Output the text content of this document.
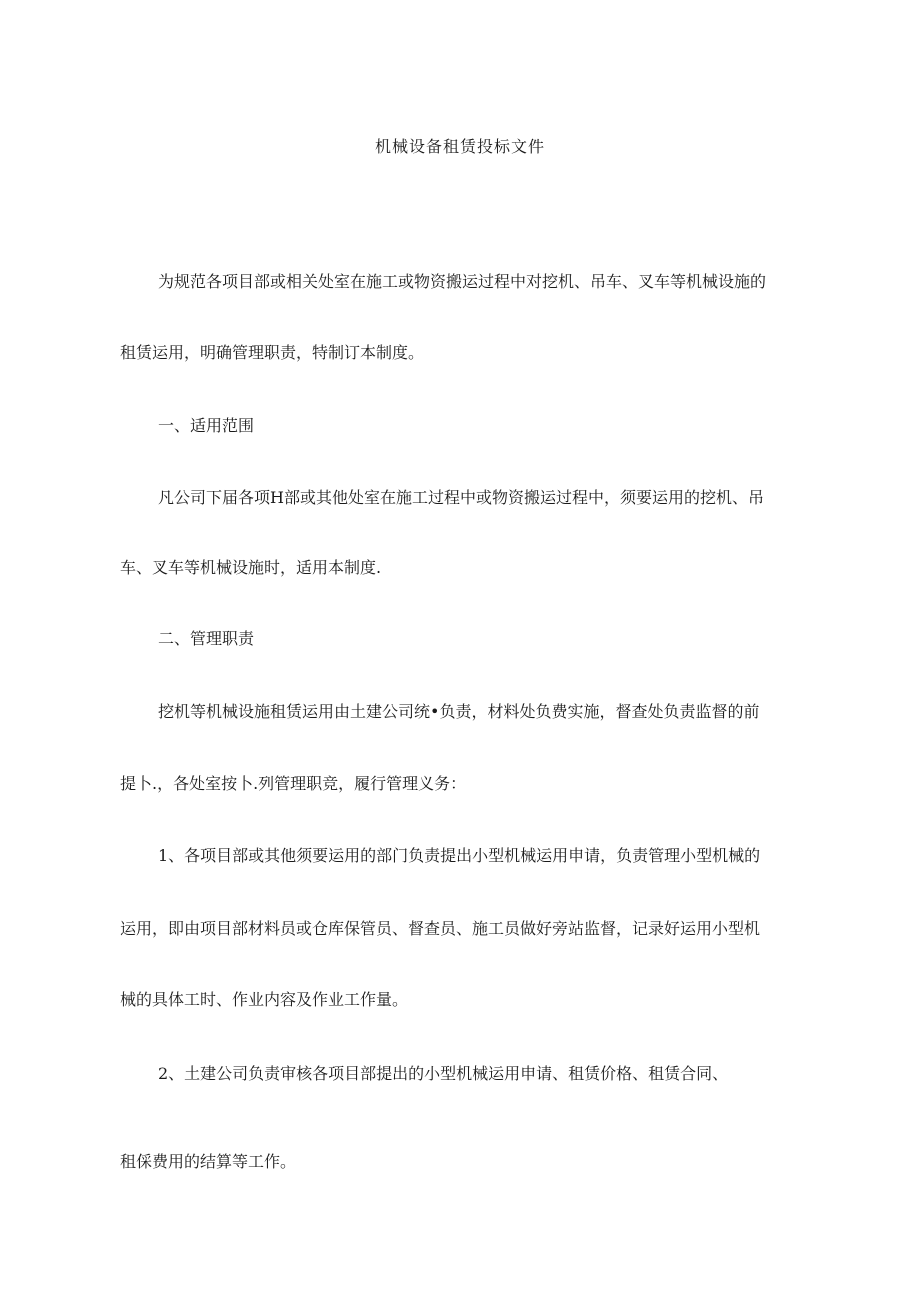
机械设备租赁投标文件
为规范各项目部或相关处室在施工或物资搬运过程中对挖机、吊车、叉车等机械设施的
租赁运用，明确管理职责，特制订本制度。
一、适用范围
凡公司下届各项H部或其他处室在施工过程中或物资搬运过程中，须要运用的挖机、吊
车、叉车等机械设施时，适用本制度.
二、管理职责
挖机等机械设施租赁运用由土建公司统•负责，材料处负费实施，督查处负责监督的前
提卜.，各处室按卜.列管理职竞，履行管理义务：
1、各项目部或其他须要运用的部门负责提出小型机械运用申请，负责管理小型机械的
运用，即由项目部材料员或仓库保管员、督查员、施工员做好旁站监督，记录好运用小型机
械的具体工时、作业内容及作业工作量。
2、土建公司负责审核各项目部提出的小型机械运用申请、租赁价格、租赁合同、
租倸费用的结算等工作。
